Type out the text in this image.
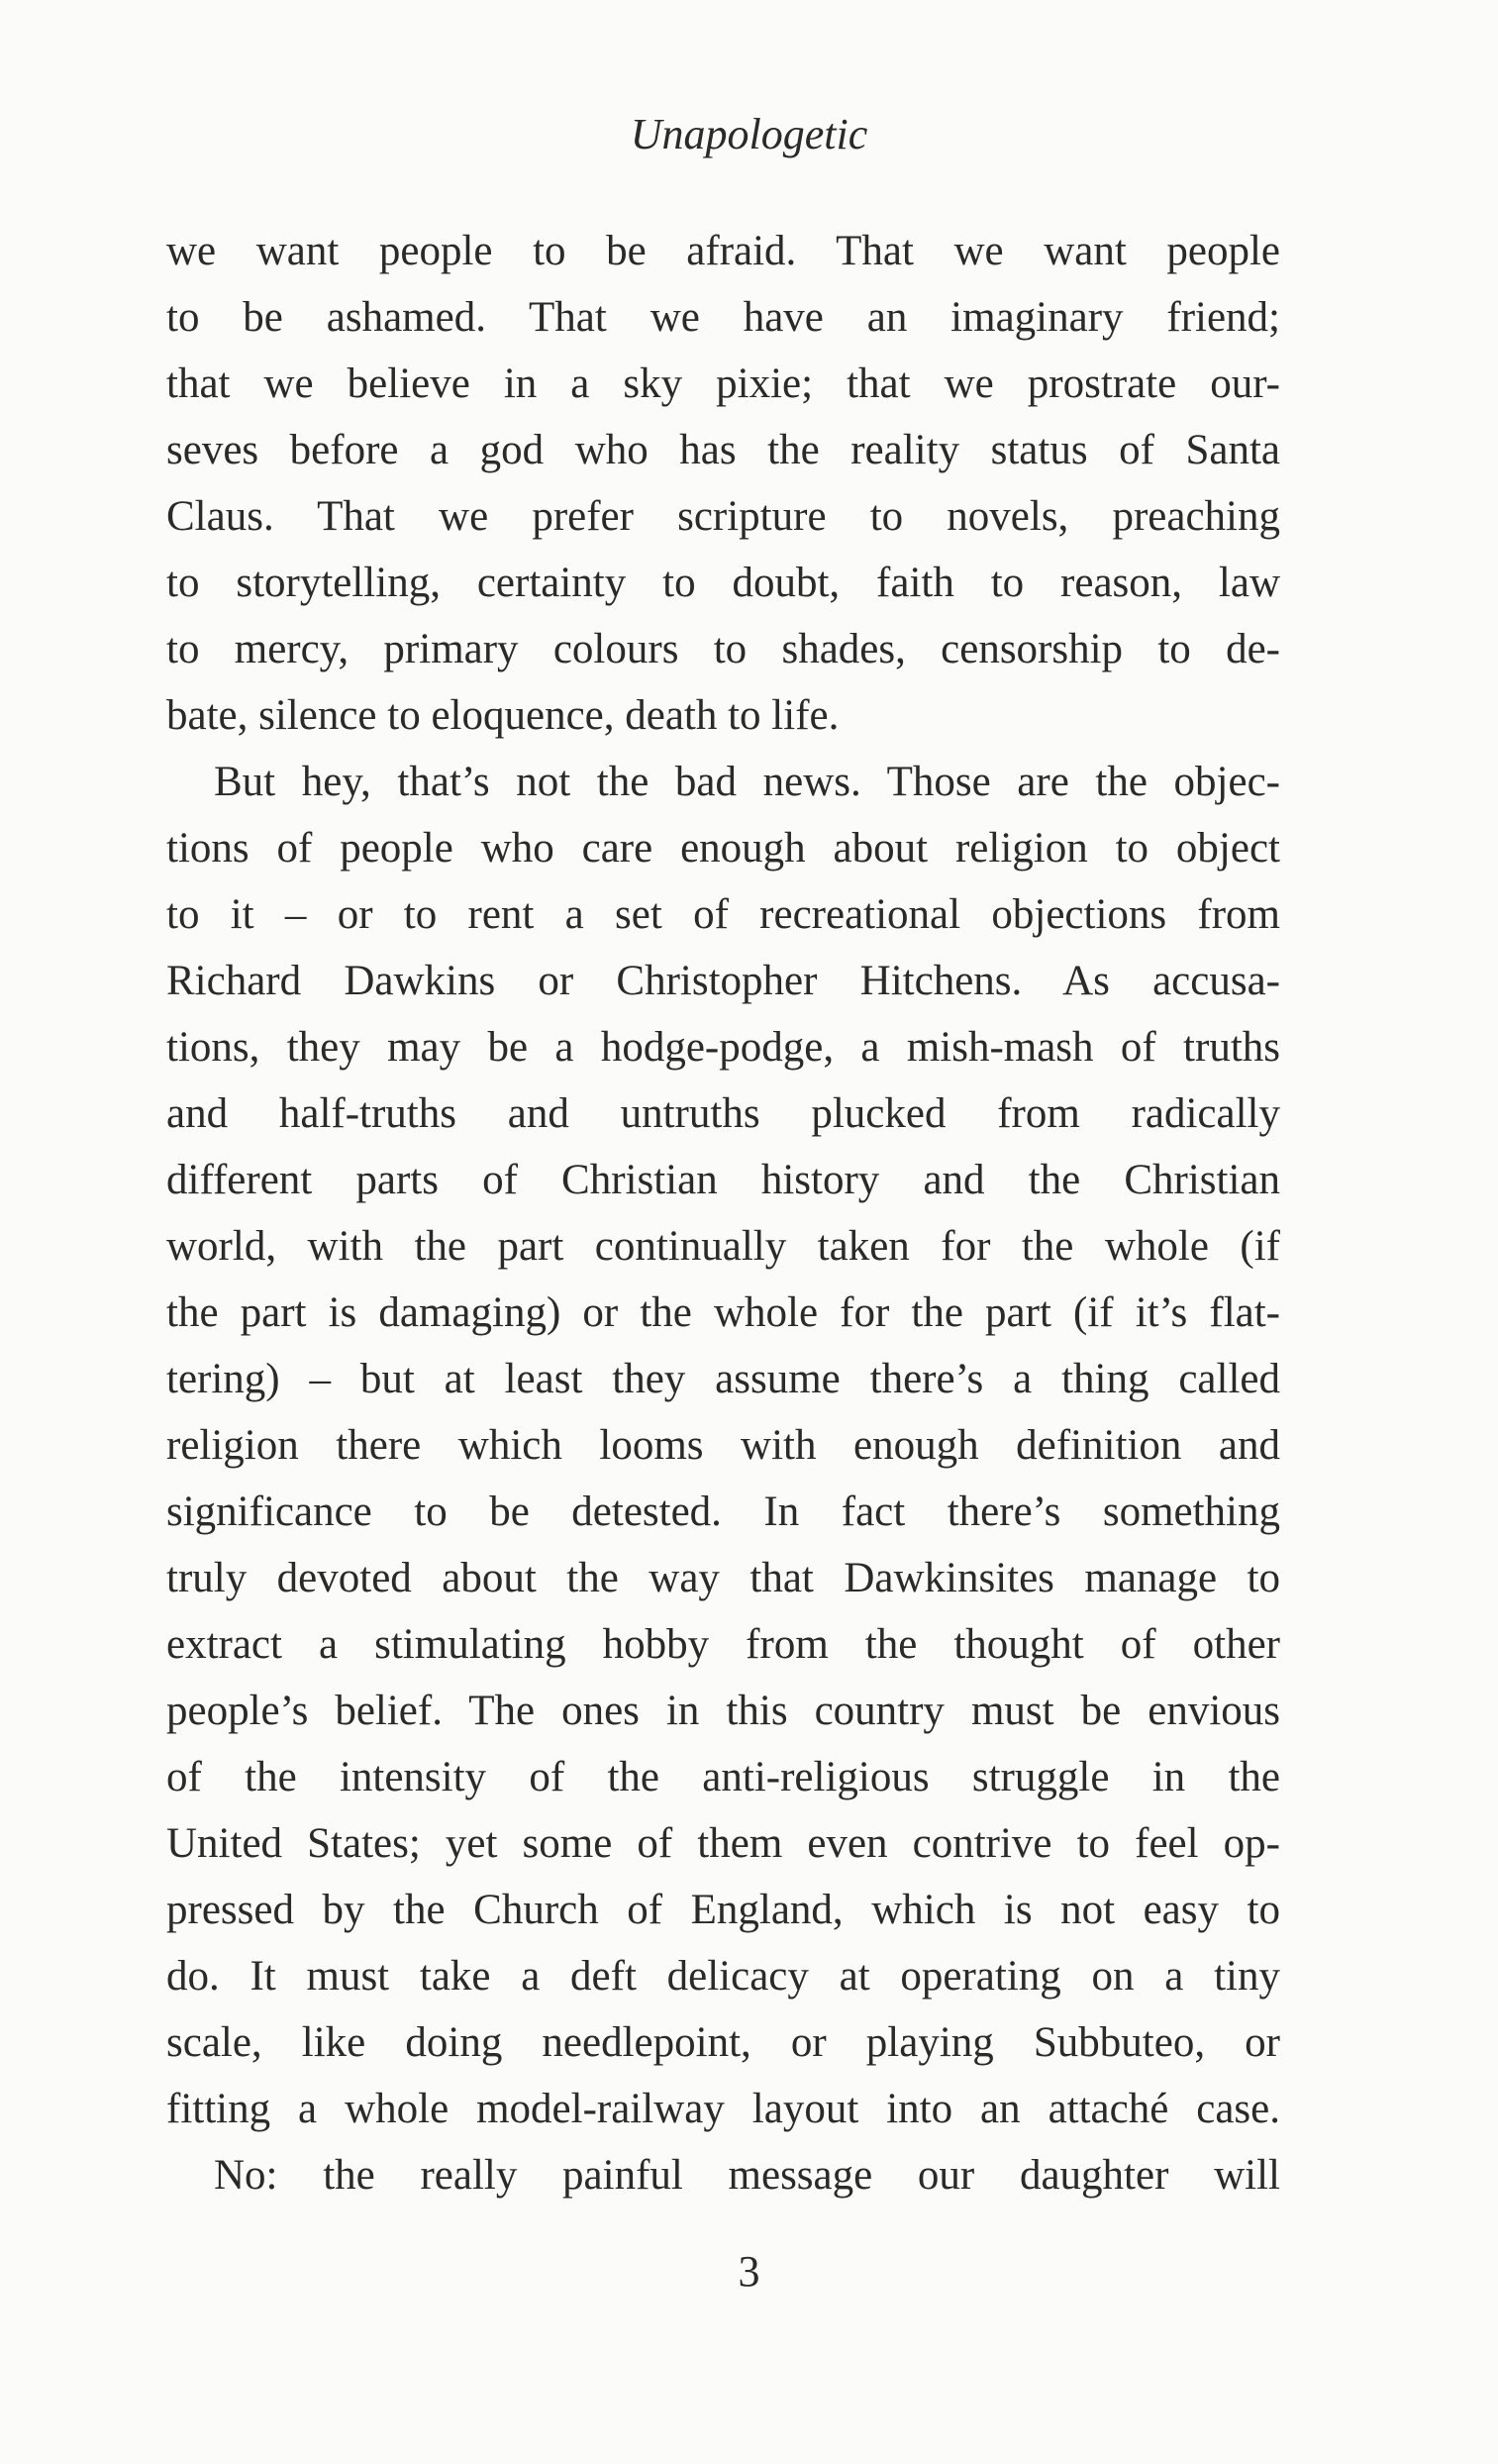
Unapologetic
we want people to be afraid. That we want people
to be ashamed. That we have an imaginary friend;
that we believe in a sky pixie; that we prostrate our-
seves before a god who has the reality status of Santa
Claus. That we prefer scripture to novels, preaching
to storytelling, certainty to doubt, faith to reason, law
to mercy, primary colours to shades, censorship to de-
bate, silence to eloquence, death to life.
But hey, that’s not the bad news. Those are the objec-
tions of people who care enough about religion to object
to it – or to rent a set of recreational objections from
Richard Dawkins or Christopher Hitchens. As accusa-
tions, they may be a hodge-podge, a mish-mash of truths
and half-truths and untruths plucked from radically
different parts of Christian history and the Christian
world, with the part continually taken for the whole (if
the part is damaging) or the whole for the part (if it’s flat-
tering) – but at least they assume there’s a thing called
religion there which looms with enough definition and
significance to be detested. In fact there’s something
truly devoted about the way that Dawkinsites manage to
extract a stimulating hobby from the thought of other
people’s belief. The ones in this country must be envious
of the intensity of the anti-religious struggle in the
United States; yet some of them even contrive to feel op-
pressed by the Church of England, which is not easy to
do. It must take a deft delicacy at operating on a tiny
scale, like doing needlepoint, or playing Subbuteo, or
fitting a whole model-railway layout into an attaché case.
No: the really painful message our daughter will
3
